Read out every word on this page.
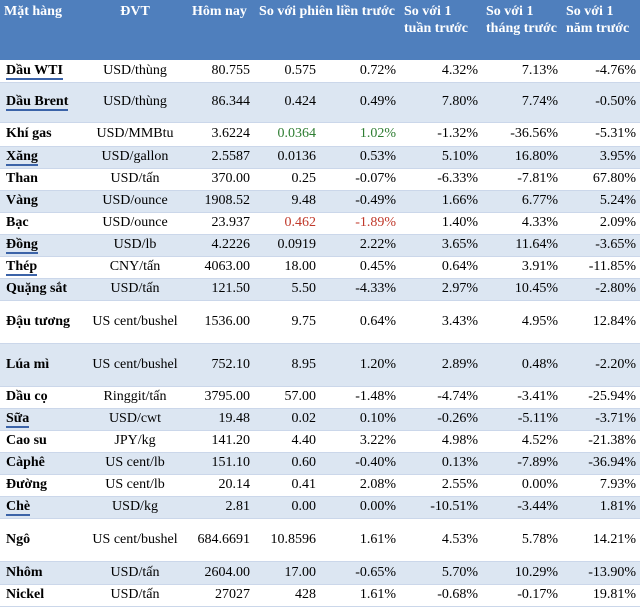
Mặt hàng	ĐVT	Hôm nay	So với phiên liền trước		So với 1 tuần trước	So với 1 tháng trước	So với 1 năm trước
Dầu WTI	USD/thùng	80.755	0.575	0.72%	4.32%	7.13%	-4.76%
Dầu Brent	USD/thùng	86.344	0.424	0.49%	7.80%	7.74%	-0.50%
Khí gas	USD/MMBtu	3.6224	0.0364	1.02%	-1.32%	-36.56%	-5.31%
Xăng	USD/gallon	2.5587	0.0136	0.53%	5.10%	16.80%	3.95%
Than	USD/tấn	370.00	0.25	-0.07%	-6.33%	-7.81%	67.80%
Vàng	USD/ounce	1908.52	9.48	-0.49%	1.66%	6.77%	5.24%
Bạc	USD/ounce	23.937	0.462	-1.89%	1.40%	4.33%	2.09%
Đồng	USD/lb	4.2226	0.0919	2.22%	3.65%	11.64%	-3.65%
Thép	CNY/tấn	4063.00	18.00	0.45%	0.64%	3.91%	-11.85%
Quặng sắt	USD/tấn	121.50	5.50	-4.33%	2.97%	10.45%	-2.80%
Đậu tương	US cent/bushel	1536.00	9.75	0.64%	3.43%	4.95%	12.84%
Lúa mì	US cent/bushel	752.10	8.95	1.20%	2.89%	0.48%	-2.20%
Dầu cọ	Ringgit/tấn	3795.00	57.00	-1.48%	-4.74%	-3.41%	-25.94%
Sữa	USD/cwt	19.48	0.02	0.10%	-0.26%	-5.11%	-3.71%
Cao su	JPY/kg	141.20	4.40	3.22%	4.98%	4.52%	-21.38%
Càphê	US cent/lb	151.10	0.60	-0.40%	0.13%	-7.89%	-36.94%
Đường	US cent/lb	20.14	0.41	2.08%	2.55%	0.00%	7.93%
Chè	USD/kg	2.81	0.00	0.00%	-10.51%	-3.44%	1.81%
Ngô	US cent/bushel	684.6691	10.8596	1.61%	4.53%	5.78%	14.21%
Nhôm	USD/tấn	2604.00	17.00	-0.65%	5.70%	10.29%	-13.90%
Nickel	USD/tấn	27027	428	1.61%	-0.68%	-0.17%	19.81%
